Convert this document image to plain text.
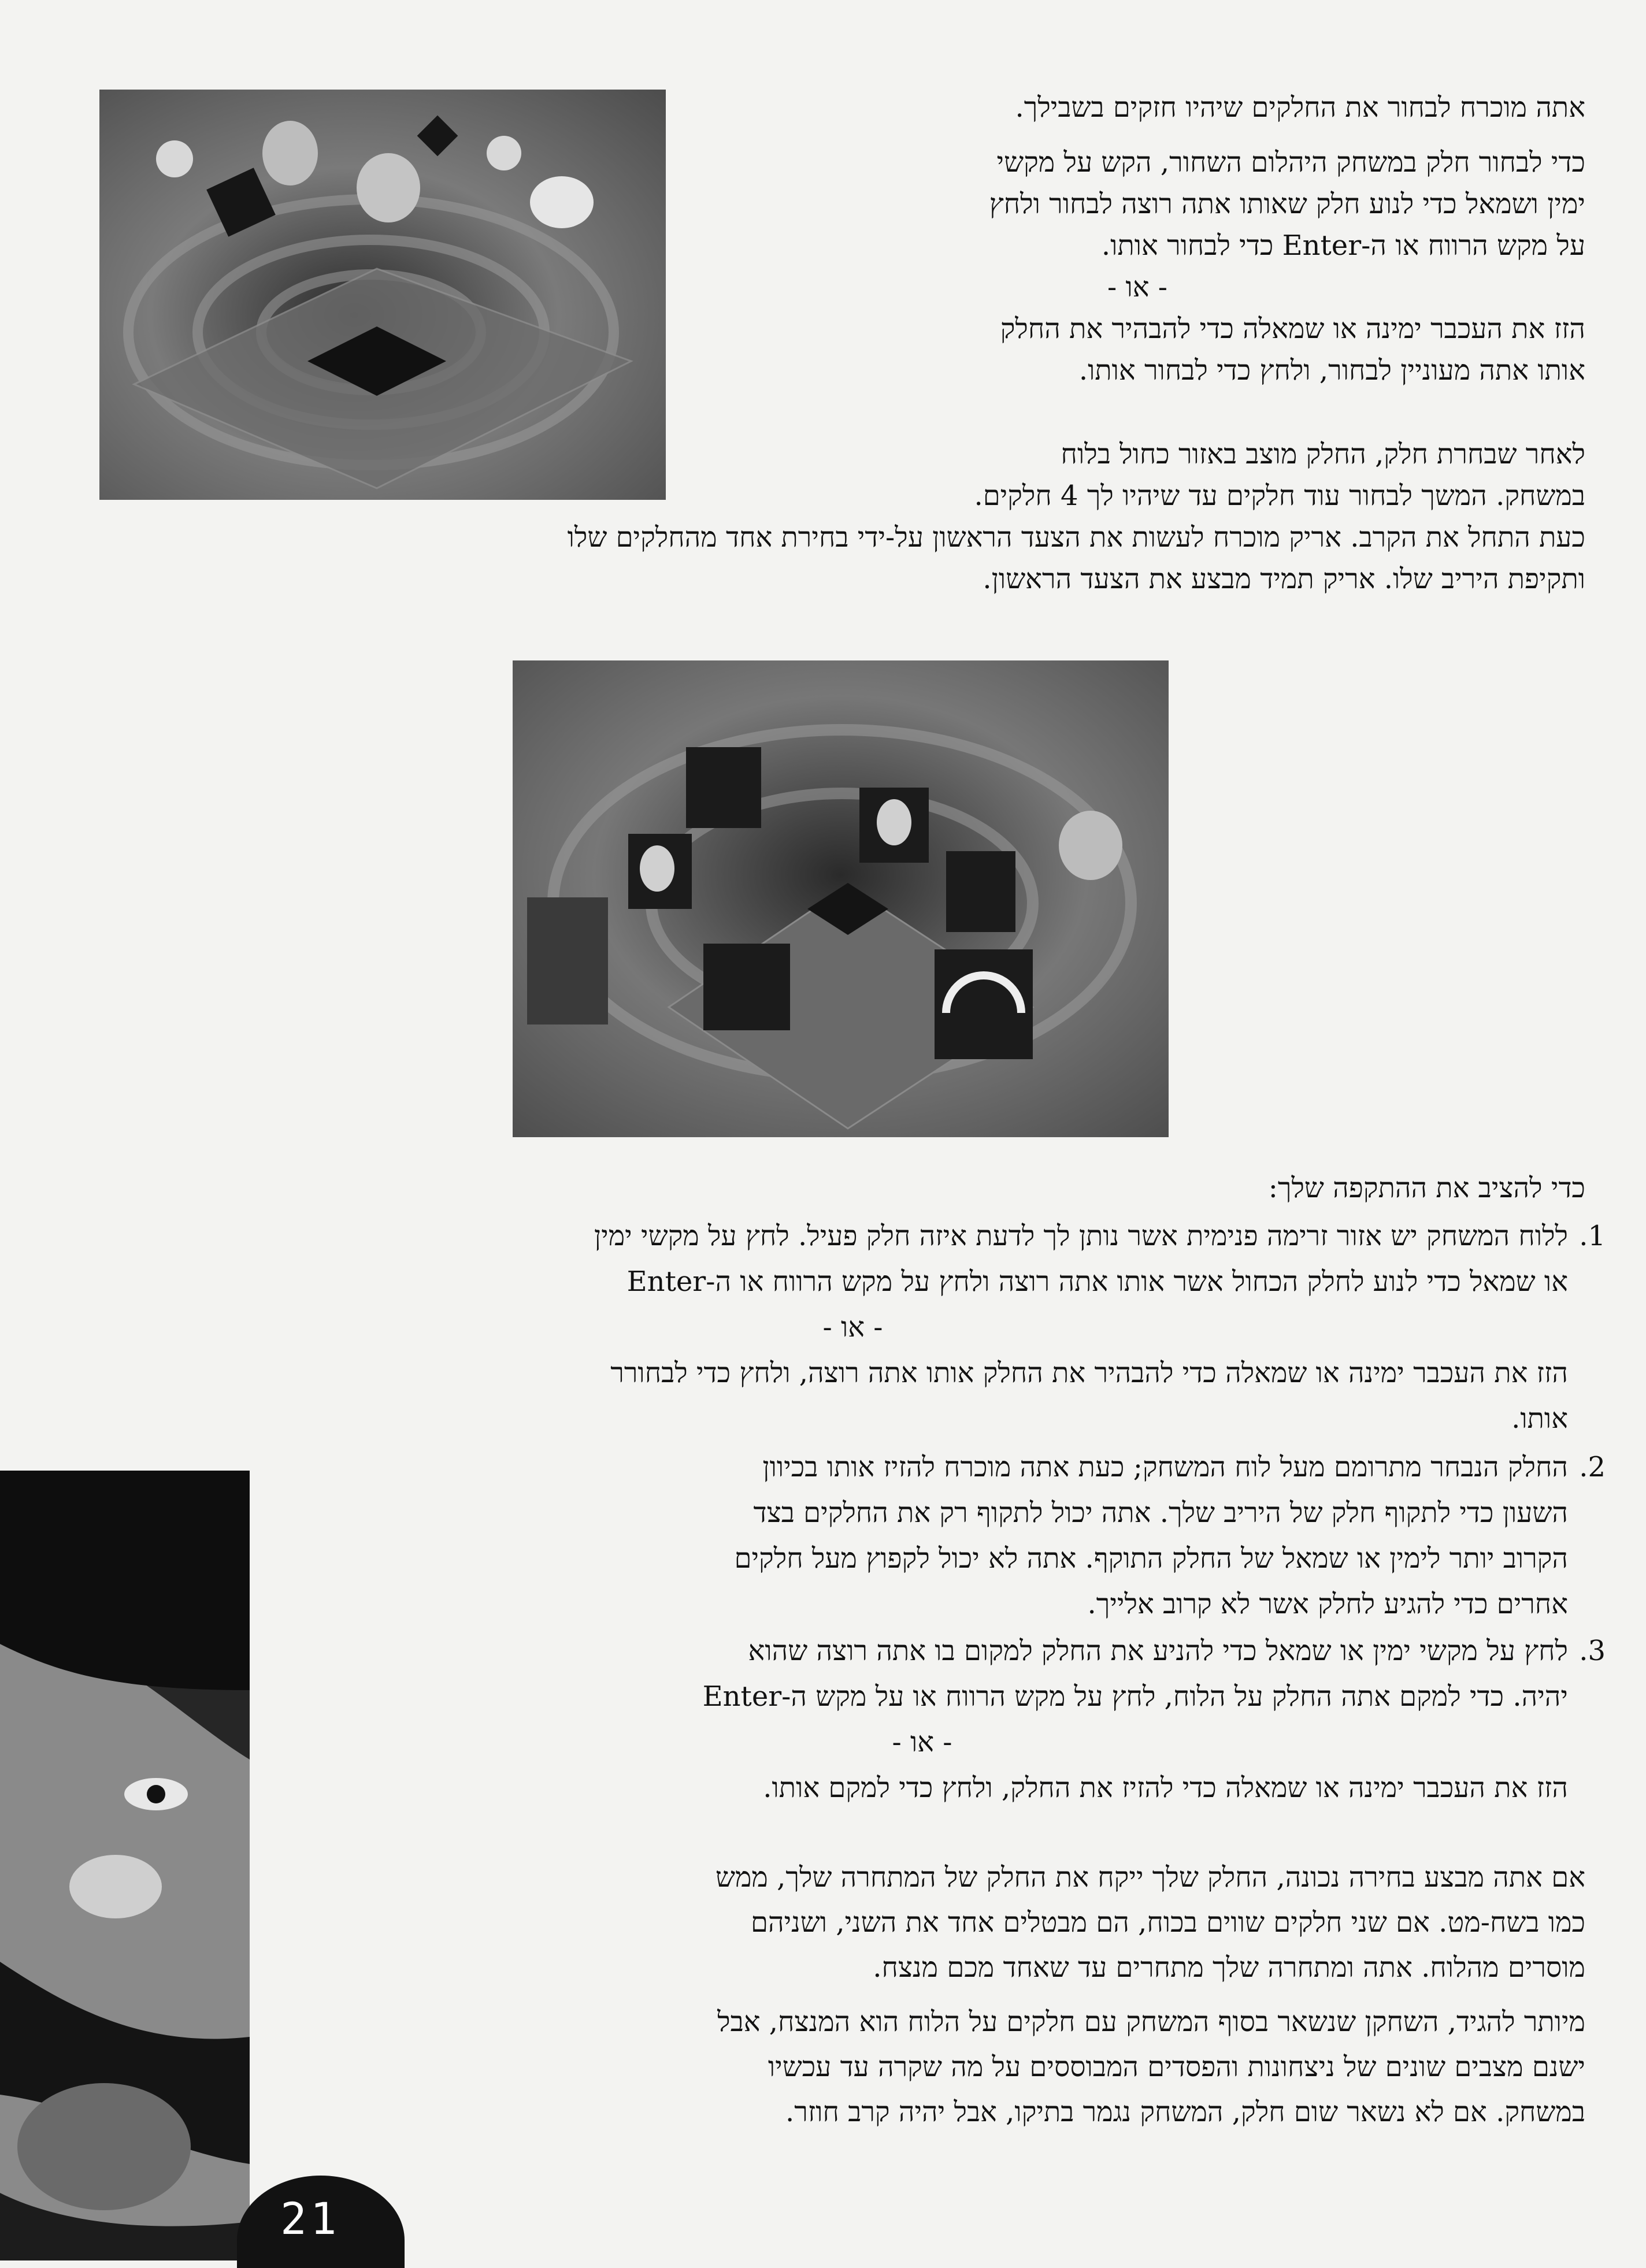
אתה מוכרח לבחור את החלקים שיהיו חזקים בשבילך.
כדי לבחור חלק במשחק היהלום השחור, הקש על מקשי
ימין ושמאל כדי לנוע חלק שאותו אתה רוצה לבחור ולחץ
על מקש הרווח או ה-Enter כדי לבחור אותו.
- או -
הזז את העכבר ימינה או שמאלה כדי להבהיר את החלק
אותו אתה מעוניין לבחור, ולחץ כדי לבחור אותו.
לאחר שבחרת חלק, החלק מוצב באזור כחול בלוח
במשחק. המשך לבחור עוד חלקים עד שיהיו לך 4 חלקים.
כעת התחל את הקרב. אריק מוכרח לעשות את הצעד הראשון על-ידי בחירת אחד מהחלקים שלו
ותקיפת היריב שלו. אריק תמיד מבצע את הצעד הראשון.
כדי להציב את ההתקפה שלך:
1.
ללוח המשחק יש אזור זרימה פנימית אשר נותן לך לדעת איזה חלק פעיל. לחץ על מקשי ימין
או שמאל כדי לנוע לחלק הכחול אשר אותו אתה רוצה ולחץ על מקש הרווח או ה-Enter
- או -
הזז את העכבר ימינה או שמאלה כדי להבהיר את החלק אותו אתה רוצה, ולחץ כדי לבחורר
אותו.
2.
החלק הנבחר מתרומם מעל לוח המשחק; כעת אתה מוכרח להזיז אותו בכיוון
השעון כדי לתקוף חלק של היריב שלך. אתה יכול לתקוף רק את החלקים בצד
הקרוב יותר לימין או שמאל של החלק התוקף. אתה לא יכול לקפוץ מעל חלקים
אחרים כדי להגיע לחלק אשר לא קרוב אלייך.
3.
לחץ על מקשי ימין או שמאל כדי להניע את החלק למקום בו אתה רוצה שהוא
יהיה. כדי למקם אתה החלק על הלוח, לחץ על מקש הרווח או על מקש ה-Enter
- או -
הזז את העכבר ימינה או שמאלה כדי להזיז את החלק, ולחץ כדי למקם אותו.
אם אתה מבצע בחירה נכונה, החלק שלך ייקח את החלק של המתחרה שלך, ממש
כמו בשח-מט. אם שני חלקים שווים בכוח, הם מבטלים אחד את השני, ושניהם
מוסרים מהלוח. אתה ומתחרה שלך מתחרים עד שאחד מכם מנצח.
מיותר להגיד, השחקן שנשאר בסוף המשחק עם חלקים על הלוח הוא המנצח, אבל
ישנם מצבים שונים של ניצחונות והפסדים המבוססים על מה שקרה עד עכשיו
במשחק. אם לא נשאר שום חלק, המשחק נגמר בתיקו, אבל יהיה קרב חוזר.
21
